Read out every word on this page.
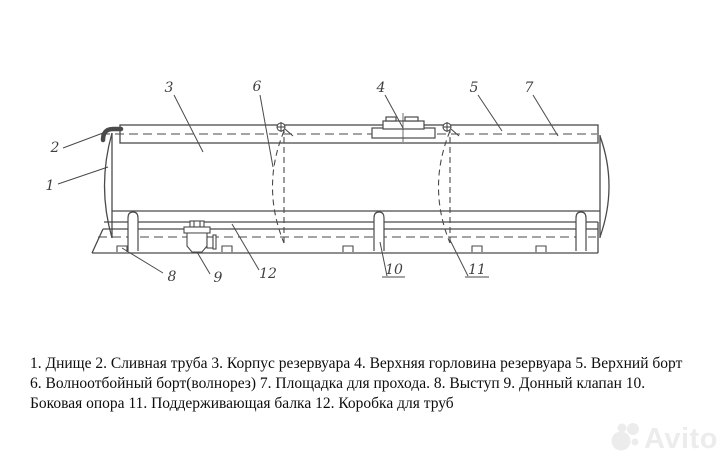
1
2
3	4	5
6	7
8	9	10	11
12
1. Днище 2. Сливная труба 3. Корпус резервуара 4. Верхняя горловина резервуара 5. Верхний борт
6. Волноотбойный борт(волнорез) 7. Площадка для прохода. 8. Выступ 9. Донный клапан 10.
Боковая опора 11. Поддерживающая балка 12. Коробка для труб
Avito
